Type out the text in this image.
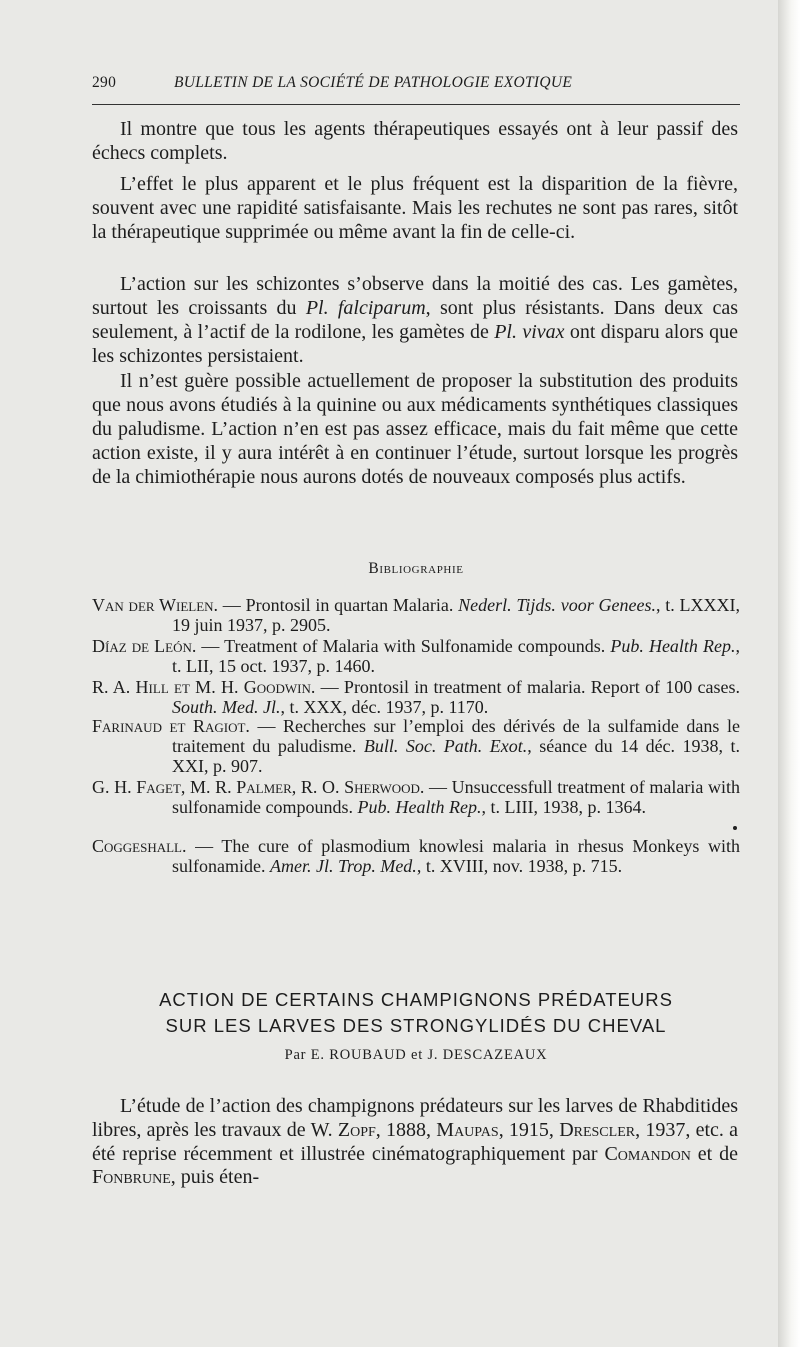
290	BULLETIN DE LA SOCIÉTÉ DE PATHOLOGIE EXOTIQUE

Il montre que tous les agents thérapeutiques essayés ont à leur passif des échecs complets.

L’effet le plus apparent et le plus fréquent est la disparition de la fièvre, souvent avec une rapidité satisfaisante. Mais les rechutes ne sont pas rares, sitôt la thérapeutique supprimée ou même avant la fin de celle-ci.

L’action sur les schizontes s’observe dans la moitié des cas. Les gamètes, surtout les croissants du Pl. falciparum, sont plus résistants. Dans deux cas seulement, à l’actif de la rodilone, les gamètes de Pl. vivax ont disparu alors que les schizontes persistaient.

Il n’est guère possible actuellement de proposer la substitution des produits que nous avons étudiés à la quinine ou aux médicaments synthétiques classiques du paludisme. L’action n’en est pas assez efficace, mais du fait même que cette action existe, il y aura intérêt à en continuer l’étude, surtout lorsque les progrès de la chimiothérapie nous aurons dotés de nouveaux composés plus actifs.

Bibliographie
Van der Wielen. — Prontosil in quartan Malaria. Nederl. Tijds. voor Genees., t. LXXXI, 19 juin 1937, p. 2905.
Díaz de León. — Treatment of Malaria with Sulfonamide compounds. Pub. Health Rep., t. LII, 15 oct. 1937, p. 1460.
R. A. Hill et M. H. Goodwin. — Prontosil in treatment of malaria. Report of 100 cases. South. Med. Jl., t. XXX, déc. 1937, p. 1170.
Farinaud et Ragiot. — Recherches sur l’emploi des dérivés de la sulfamide dans le traitement du paludisme. Bull. Soc. Path. Exot., séance du 14 déc. 1938, t. XXI, p. 907.
G. H. Faget, M. R. Palmer, R. O. Sherwood. — Unsuccessfull treatment of malaria with sulfonamide compounds. Pub. Health Rep., t. LIII, 1938, p. 1364.
Coggeshall. — The cure of plasmodium knowlesi malaria in rhesus Monkeys with sulfonamide. Amer. Jl. Trop. Med., t. XVIII, nov. 1938, p. 715.
ACTION DE CERTAINS CHAMPIGNONS PRÉDATEURS
SUR LES LARVES DES STRONGYLIDÉS DU CHEVAL
Par E. ROUBAUD et J. DESCAZEAUX

L’étude de l’action des champignons prédateurs sur les larves de Rhabditides libres, après les travaux de W. Zopf, 1888, Maupas, 1915, Drescler, 1937, etc. a été reprise récemment et illustrée cinématographiquement par Comandon et de Fonbrune, puis éten-
